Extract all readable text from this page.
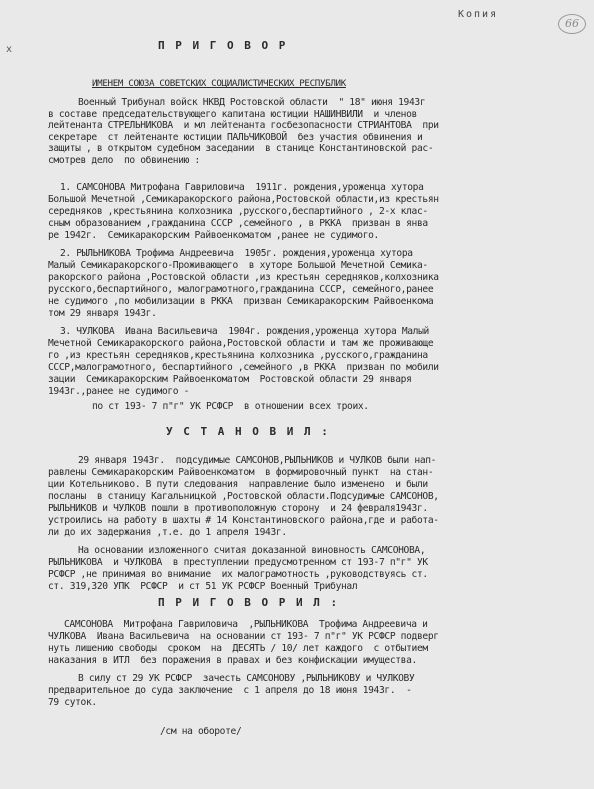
Копия
66
x	П Р И Г О В О Р
ИМЕНЕМ СОЮЗА СОВЕТСКИХ СОЦИАЛИСТИЧЕСКИХ РЕСПУБЛИК
Военный Трибунал войск НКВД Ростовской области  " 18" июня 1943г
в составе председательствующего капитана юстиции НАШИНВИЛИ  и членов
лейтенанта СТРЕЛЬНИКОВА  и мл лейтенанта госбезопасности СТРИАНТОВА  при
секретаре  ст лейтенанте юстиции ПАЛЬЧИКОВОЙ  без участия обвинения и
защиты , в открытом судебном заседании  в станице Константиновской рас-
смотрев дело  по обвинению :
1. САМСОНОВА Митрофана Гавриловича  1911г. рождения,уроженца хутора
Большой Мечетной ,Семикаракорского района,Ростовской области,из крестьян
середняков ,крестьянина колхозника ,русского,беспартийного , 2-х клас-
сным образованием ,гражданина СССР ,семейного , в РККА  призван в янва
ре 1942г.  Семикаракорским Райвоенкоматом ,ранее не судимого.
2. РЫЛЬНИКОВА Трофима Андреевича  1905г. рождения,уроженца хутора
Малый Семикаракорского-Проживающего  в хуторе Большой Мечетной Семика-
ракорского района ,Ростовской области ,из крестьян середняков,колхозника
русского,беспартийного, малограмотного,гражданина СССР, семейного,ранее
не судимого ,по мобилизации в РККА  призван Семикаракорским Райвоенкома
том 29 января 1943г.
3. ЧУЛКОВА  Ивана Васильевича  1904г. рождения,уроженца хутора Малый
Мечетной Семикаракорского района,Ростовской области и там же проживающе
го ,из крестьян середняков,крестьянина колхозника ,русского,гражданина
СССР,малограмотного, беспартийного ,семейного ,в РККА  призван по мобили
зации  Семикаракорским Райвоенкоматом  Ростовской области 29 января
1943г.,ранее не судимого -
по ст 193- 7 п"г" УК РСФСР  в отношении всех троих.
У С Т А Н О В И Л :
29 января 1943г.  подсудимые САМСОНОВ,РЫЛЬНИКОВ и ЧУЛКОВ были нап-
равлены Семикаракорским Райвоенкоматом  в формировочный пункт  на стан-
ции Котельниково. В пути следования  направление было изменено  и были
посланы  в станицу Кагальницкой ,Ростовской области.Подсудимые САМСОНОВ,
РЫЛЬНИКОВ и ЧУЛКОВ пошли в противоположную сторону  и 24 февраля1943г.
устроились на работу в шахты # 14 Константиновского района,где и работа-
ли до их задержания ,т.е. до 1 апреля 1943г.
На основании изложенного считая доказанной виновность САМСОНОВА,
РЫЛЬНИКОВА  и ЧУЛКОВА  в преступлении предусмотренном ст 193-7 п"г" УК
РСФСР ,не принимая во внимание  их малограмотность ,руководствуясь ст.
ст. 319,320 УПК  РСФСР  и ст 51 УК РСФСР Военный Трибунал
П Р И Г О В О Р И Л :
САМСОНОВА  Митрофана Гавриловича  ,РЫЛЬНИКОВА  Трофима Андреевича и
ЧУЛКОВА  Ивана Васильевича  на основании ст 193- 7 п"г" УК РСФСР подверг
нуть лишению свободы  сроком  на  ДЕСЯТЬ / 10/ лет каждого  с отбытием
наказания в ИТЛ  без поражения в правах и без конфискации имущества.
В силу ст 29 УК РСФСР  зачесть САМСОНОВУ ,РЫЛЬНИКОВУ и ЧУЛКОВУ
предварительное до суда заключение  с 1 апреля до 18 июня 1943г.  -
79 суток.
/см на обороте/
